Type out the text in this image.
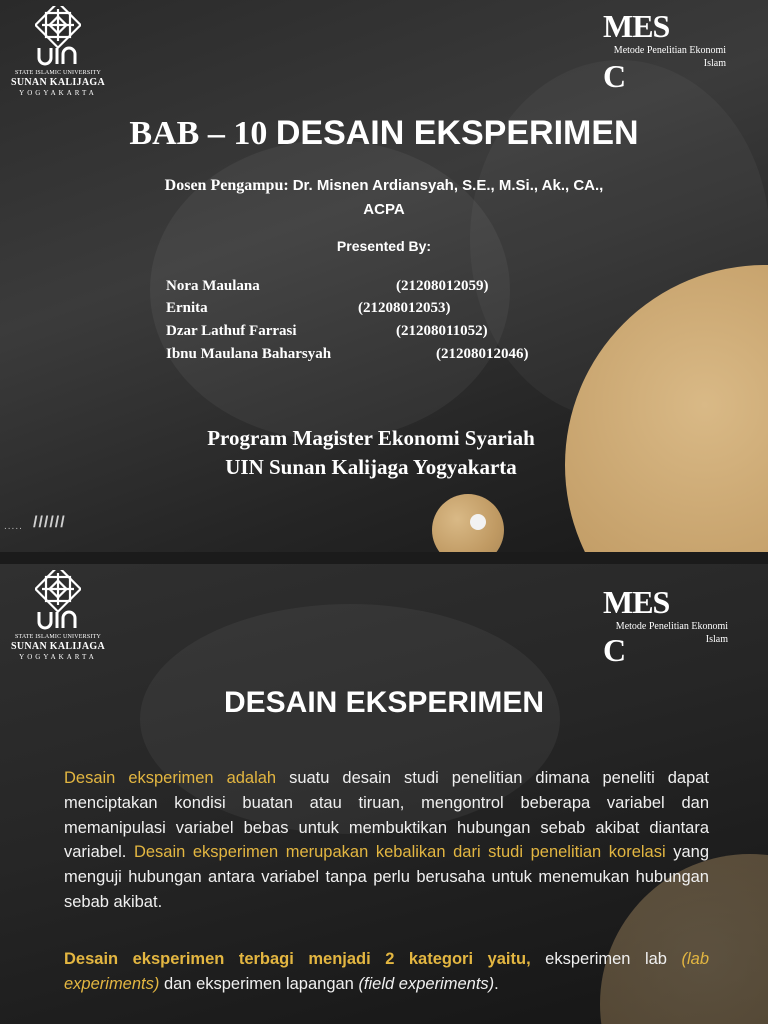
STATE ISLAMIC UNIVERSITY
SUNAN KALIJAGA
YOGYAKARTA
MES
Metode Penelitian Ekonomi
Islam
C
BAB – 10 DESAIN EKSPERIMEN
Dosen Pengampu: Dr. Misnen Ardiansyah, S.E., M.Si., Ak., CA.,
ACPA
Presented By:
Nora Maulana	(21208012059)
Ernita	(21208012053)
Dzar Lathuf Farrasi	(21208011052)
Ibnu Maulana Baharsyah	(21208012046)
Program Magister Ekonomi Syariah
UIN Sunan Kalijaga Yogyakarta
..... //////
STATE ISLAMIC UNIVERSITY
SUNAN KALIJAGA
YOGYAKARTA
MES
Metode Penelitian Ekonomi
Islam
C
DESAIN EKSPERIMEN
Desain eksperimen adalah suatu desain studi penelitian dimana peneliti dapat menciptakan kondisi buatan atau tiruan, mengontrol beberapa variabel dan memanipulasi variabel bebas untuk membuktikan hubungan sebab akibat diantara variabel. Desain eksperimen merupakan kebalikan dari studi penelitian korelasi yang menguji hubungan antara variabel tanpa perlu berusaha untuk menemukan hubungan sebab akibat.
Desain eksperimen terbagi menjadi 2 kategori yaitu, eksperimen lab (lab experiments) dan eksperimen lapangan (field experiments).
